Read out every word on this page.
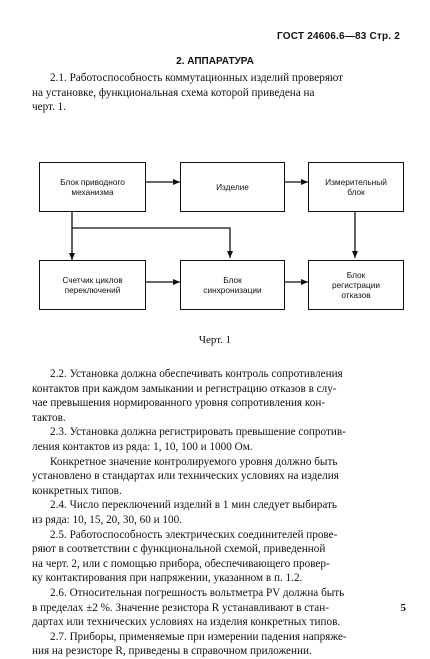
ГОСТ 24606.6—83 Стр. 2
2. АППАРАТУРА

2.1. Работоспособность коммутационных изделий проверяют
на установке, функциональная схема которой приведена на
черт. 1.

Блок приводного механизма	Изделие	Измерительный блок
Счетчик циклов переключений
Блок синхронизации
Блок регистрации отказов
Черт. 1
2.2. Установка должна обеспечивать контроль сопротивления
контактов при каждом замыкании и регистрацию отказов в слу-
чае превышения нормированного уровня сопротивления кон-
тактов.
2.3. Установка должна регистрировать превышение сопротив-
ления контактов из ряда: 1, 10, 100 и 1000 Ом.
Конкретное значение контролируемого уровня должно быть
установлено в стандартах или технических условиях на изделия
конкретных типов.
2.4. Число переключений изделий в 1 мин следует выбирать
из ряда: 10, 15, 20, 30, 60 и 100.
2.5. Работоспособность электрических соединителей прове-
ряют в соответствии с функциональной схемой, приведенной
на черт. 2, или с помощью прибора, обеспечивающего провер-
ку контактирования при напряжении, указанном в п. 1.2.
2.6. Относительная погрешность вольтметра PV должна быть
в пределах ±2 %. Значение резистора R устанавливают в стан-
дартах или технических условиях на изделия конкретных типов.
2.7. Приборы, применяемые при измерении падения напряже-
ния на резисторе R, приведены в справочном приложении.
5
